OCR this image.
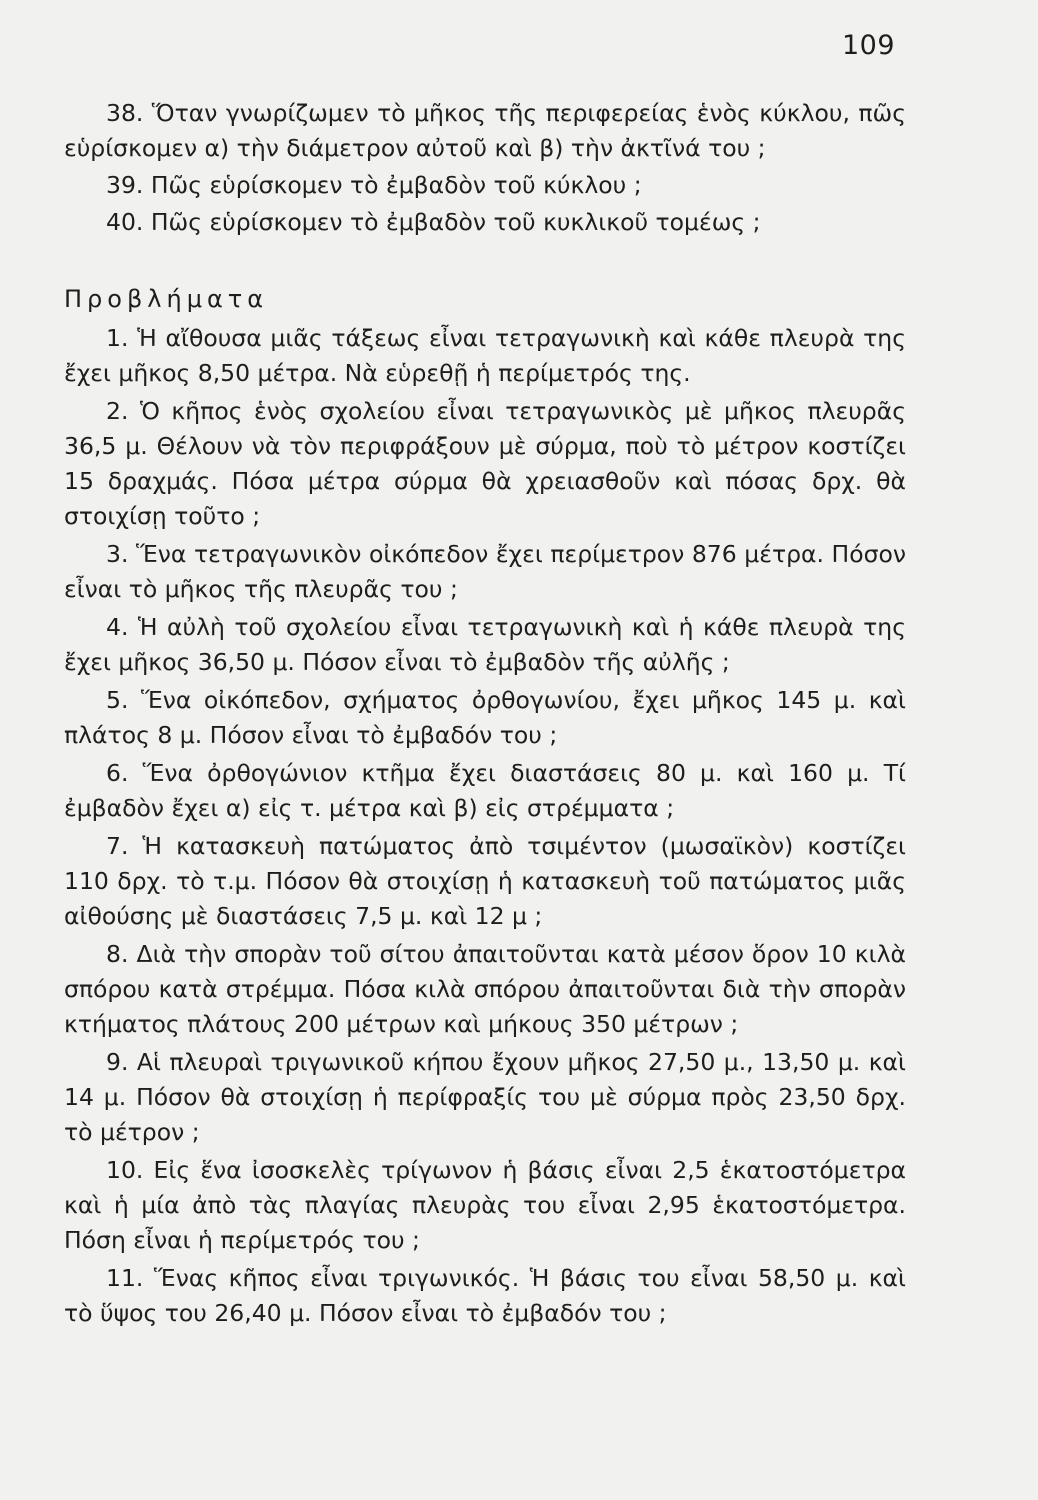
109

38. Ὅταν γνωρίζωμεν τὸ μῆκος τῆς περιφερείας ἑνὸς κύκλου, πῶς εὑρίσκομεν α) τὴν διάμετρον αὐτοῦ καὶ β) τὴν ἀκτῖνά του ;

39. Πῶς εὑρίσκομεν τὸ ἐμβαδὸν τοῦ κύκλου ;

40. Πῶς εὑρίσκομεν τὸ ἐμβαδὸν τοῦ κυκλικοῦ τομέως ;

Προβλήματα

1. Ἡ αἴθουσα μιᾶς τάξεως εἶναι τετραγωνικὴ καὶ κάθε πλευρὰ της ἔχει μῆκος 8,50 μέτρα. Νὰ εὑρεθῇ ἡ περίμετρός της.

2. Ὁ κῆπος ἑνὸς σχολείου εἶναι τετραγωνικὸς μὲ μῆκος πλευρᾶς 36,5 μ. Θέλουν νὰ τὸν περιφράξουν μὲ σύρμα, ποὺ τὸ μέτρον κοστίζει 15 δραχμάς. Πόσα μέτρα σύρμα θὰ χρειασθοῦν καὶ πόσας δρχ. θὰ στοιχίσῃ τοῦτο ;

3. Ἕνα τετραγωνικὸν οἰκόπεδον ἔχει περίμετρον 876 μέτρα. Πόσον εἶναι τὸ μῆκος τῆς πλευρᾶς του ;

4. Ἡ αὐλὴ τοῦ σχολείου εἶναι τετραγωνικὴ καὶ ἡ κάθε πλευρὰ της ἔχει μῆκος 36,50 μ. Πόσον εἶναι τὸ ἐμβαδὸν τῆς αὐλῆς ;

5. Ἕνα οἰκόπεδον, σχήματος ὀρθογωνίου, ἔχει μῆκος 145 μ. καὶ πλάτος 8 μ. Πόσον εἶναι τὸ ἐμβαδόν του ;

6. Ἕνα ὀρθογώνιον κτῆμα ἔχει διαστάσεις 80 μ. καὶ 160 μ. Τί ἐμβαδὸν ἔχει α) εἰς τ. μέτρα καὶ β) εἰς στρέμματα ;

7. Ἡ κατασκευὴ πατώματος ἀπὸ τσιμέντον (μωσαϊκὸν) κοστίζει 110 δρχ. τὸ τ.μ. Πόσον θὰ στοιχίσῃ ἡ κατασκευὴ τοῦ πατώματος μιᾶς αἰθούσης μὲ διαστάσεις 7,5 μ. καὶ 12 μ ;

8. Διὰ τὴν σπορὰν τοῦ σίτου ἀπαιτοῦνται κατὰ μέσον ὅρον 10 κιλὰ σπόρου κατὰ στρέμμα. Πόσα κιλὰ σπόρου ἀπαιτοῦνται διὰ τὴν σπορὰν κτήματος πλάτους 200 μέτρων καὶ μήκους 350 μέτρων ;

9. Αἱ πλευραὶ τριγωνικοῦ κήπου ἔχουν μῆκος 27,50 μ., 13,50 μ. καὶ 14 μ. Πόσον θὰ στοιχίσῃ ἡ περίφραξίς του μὲ σύρμα πρὸς 23,50 δρχ. τὸ μέτρον ;

10. Εἰς ἕνα ἰσοσκελὲς τρίγωνον ἡ βάσις εἶναι 2,5 ἑκατοστόμετρα καὶ ἡ μία ἀπὸ τὰς πλαγίας πλευρὰς του εἶναι 2,95 ἑκατοστόμετρα. Πόση εἶναι ἡ περίμετρός του ;

11. Ἕνας κῆπος εἶναι τριγωνικός. Ἡ βάσις του εἶναι 58,50 μ. καὶ τὸ ὕψος του 26,40 μ. Πόσον εἶναι τὸ ἐμβαδόν του ;
